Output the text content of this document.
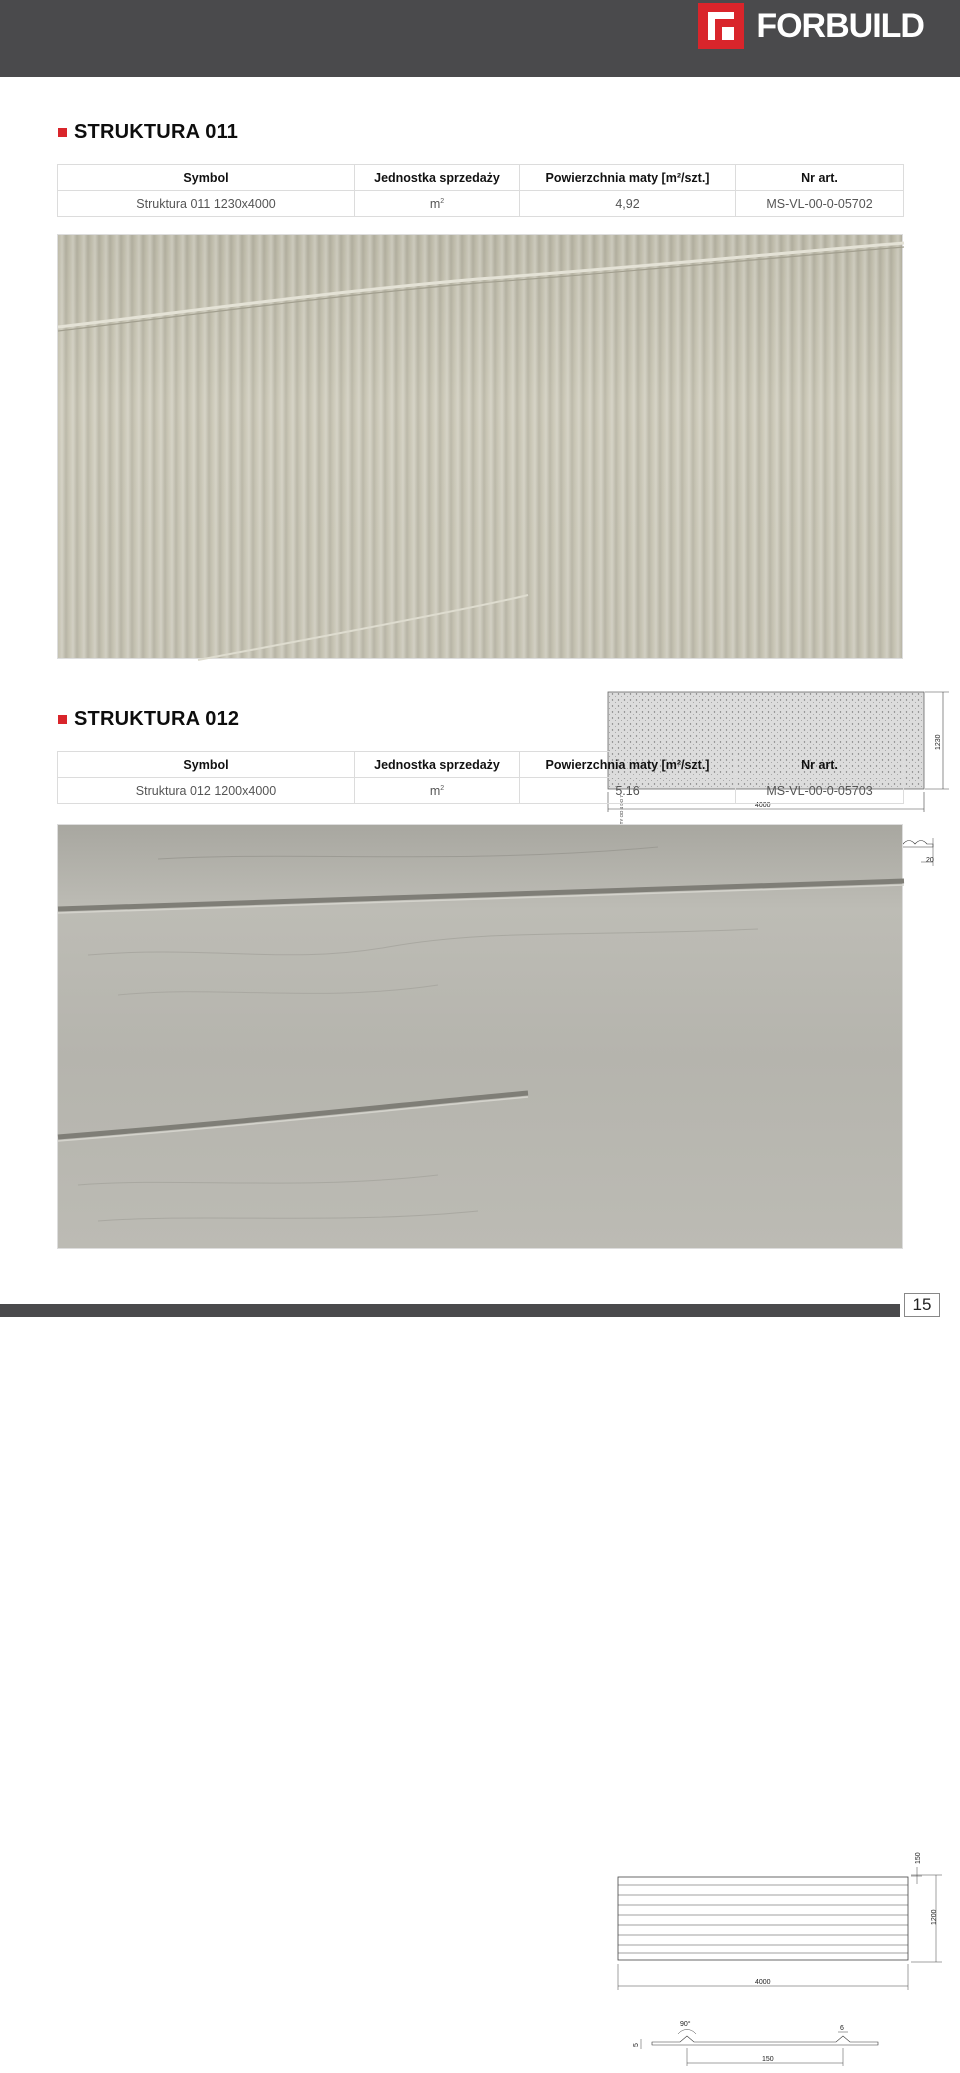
FORBUILD
STRUKTURA 011
Symbol	Jednostka sprzedaży	Powierzchnia maty [m²/szt.]	Nr art.
Struktura 011 1230x4000	$m^2$	4,92	MS-VL-00-0-05702
1230
4000
20
STRUKTURA 012
Symbol	Jednostka sprzedaży	Powierzchnia maty [m²/szt.]	Nr art.
Struktura 012 1200x4000	$m^2$	5.16	MS-VL-00-0-05703
150
1200
4000
90°
6
5
150
15
